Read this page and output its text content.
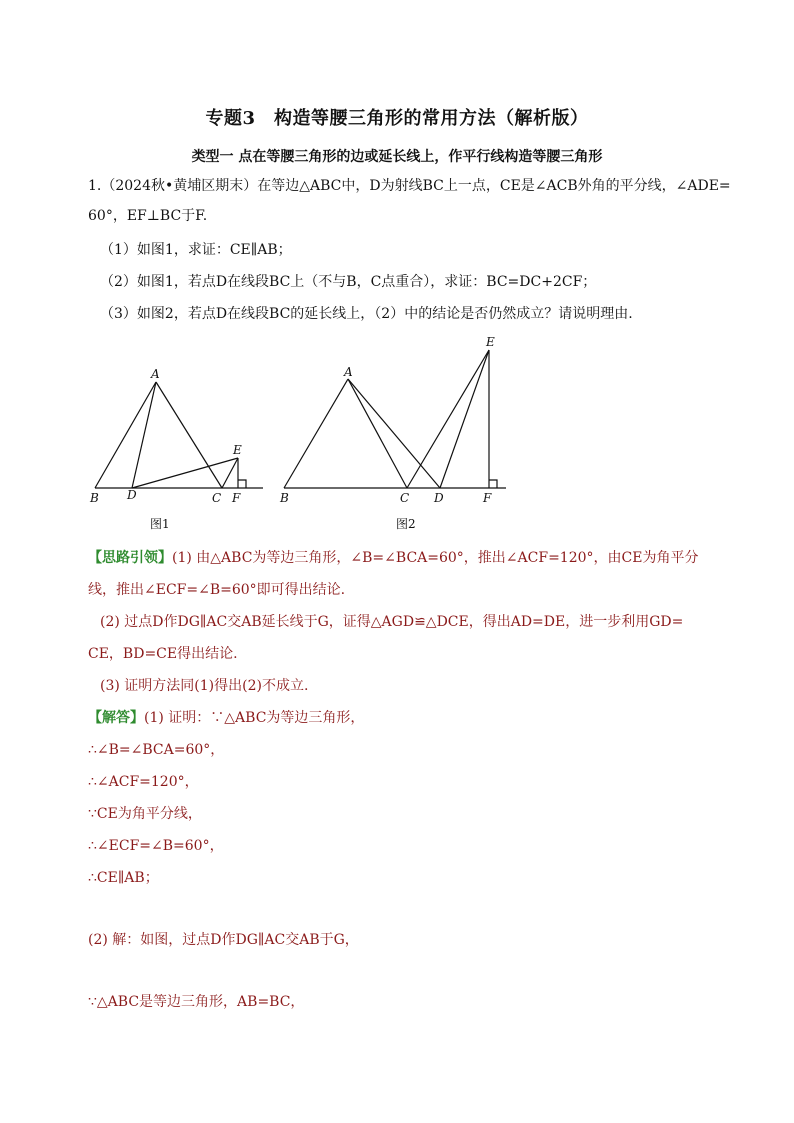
专题3　构造等腰三角形的常用方法（解析版）
类型一 点在等腰三角形的边或延长线上，作平行线构造等腰三角形
1.（2024秋•黄埔区期末）在等边△ABC中，D为射线BC上一点，CE是∠ACB外角的平分线，∠ADE=
60°，EF⊥BC于F.
（1）如图1，求证：CE∥AB；
（2）如图1，若点D在线段BC上（不与B，C点重合），求证：BC=DC+2CF；
（3）如图2，若点D在线段BC的延长线上，（2）中的结论是否仍然成立？请说明理由.
A
B D	C F
E
图1
A
B	C D	F
E
图2
【思路引领】(1) 由△ABC为等边三角形，∠B=∠BCA=60°，推出∠ACF=120°，由CE为角平分
线，推出∠ECF=∠B=60°即可得出结论.
(2) 过点D作DG∥AC交AB延长线于G，证得△AGD≌△DCE，得出AD=DE，进一步利用GD=
CE，BD=CE得出结论.
(3) 证明方法同(1)得出(2)不成立.
【解答】(1) 证明：∵△ABC为等边三角形，
∴∠B=∠BCA=60°，
∴∠ACF=120°，
∵CE为角平分线，
∴∠ECF=∠B=60°，
∴CE∥AB；
(2) 解：如图，过点D作DG∥AC交AB于G，
∵△ABC是等边三角形，AB=BC，
